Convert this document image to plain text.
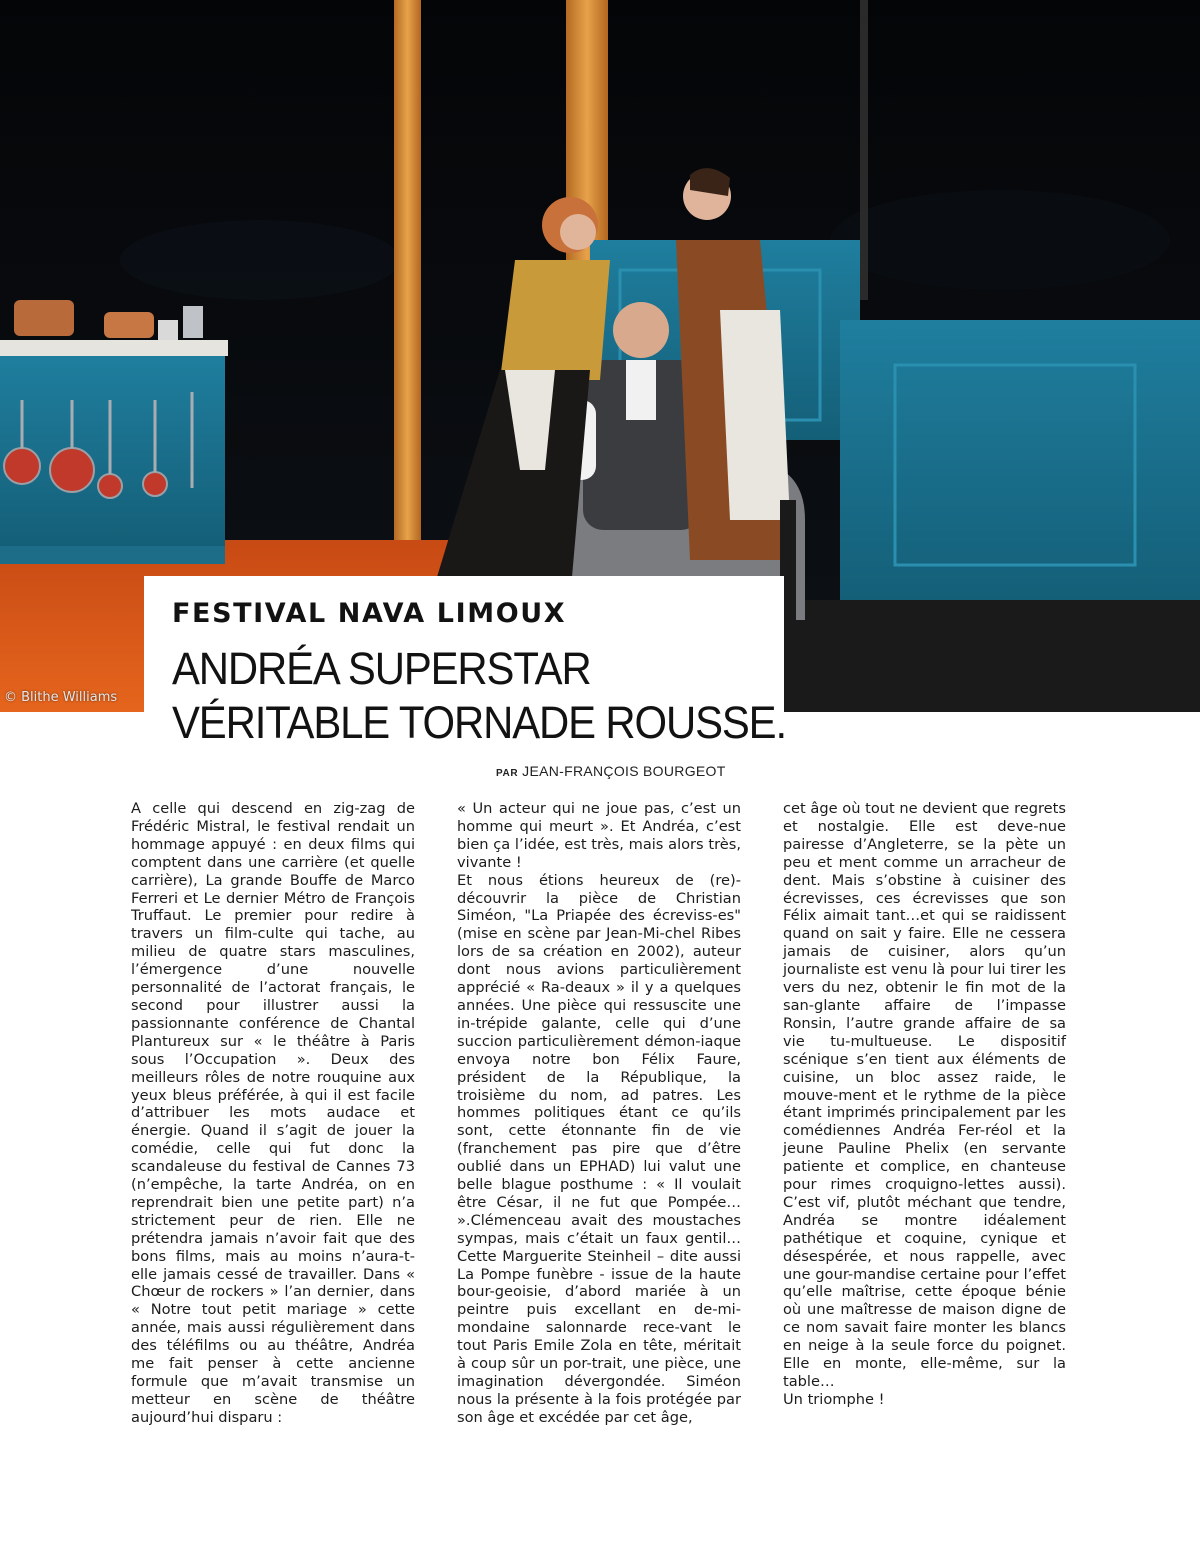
© Blithe Williams
FESTIVAL NAVA LIMOUX
ANDRÉA SUPERSTAR
VÉRITABLE TORNADE ROUSSE.
PAR JEAN-FRANÇOIS BOURGEOT

A celle qui descend en zig-zag de Frédéric Mistral, le festival rendait un hommage appuyé : en deux films qui comptent dans une carrière (et quelle carrière), La grande Bouffe de Marco Ferreri et Le dernier Métro de François Truffaut. Le premier pour redire à travers un film-culte qui tache, au milieu de quatre stars masculines, l’émergence d’une nouvelle personnalité de l’actorat français, le second pour illustrer aussi la passionnante conférence de Chantal Plantureux sur « le théâtre à Paris sous l’Occupation ». Deux des meilleurs rôles de notre rouquine aux yeux bleus préférée, à qui il est facile d’attribuer les mots audace et énergie. Quand il s’agit de jouer la comédie, celle qui fut donc la scandaleuse du festival de Cannes 73 (n’empêche, la tarte Andréa, on en reprendrait bien une petite part) n’a strictement peur de rien. Elle ne prétendra jamais n’avoir fait que des bons films, mais au moins n’aura-t-elle jamais cessé de travailler. Dans « Chœur de rockers » l’an dernier, dans « Notre tout petit mariage » cette année, mais aussi régulièrement dans des téléfilms ou au théâtre, Andréa me fait penser à cette ancienne formule que m’avait transmise un metteur en scène de théâtre aujourd’hui disparu :

« Un acteur qui ne joue pas, c’est un homme qui meurt ». Et Andréa, c’est bien ça l’idée, est très, mais alors très, vivante !

Et nous étions heureux de (re)-découvrir la pièce de Christian Siméon, "La Priapée des écreviss-es" (mise en scène par Jean-Mi-chel Ribes lors de sa création en 2002), auteur dont nous avions particulièrement apprécié « Ra-deaux » il y a quelques années. Une pièce qui ressuscite une in-trépide galante, celle qui d’une succion particulièrement démon-iaque envoya notre bon Félix Faure, président de la République, la troisième du nom, ad patres. Les hommes politiques étant ce qu’ils sont, cette étonnante fin de vie (franchement pas pire que d’être oublié dans un EPHAD) lui valut une belle blague posthume : « Il voulait être César, il ne fut que Pompée… ».Clémenceau avait des moustaches sympas, mais c’était un faux gentil…Cette Marguerite Steinheil – dite aussi La Pompe funèbre - issue de la haute bour-geoisie, d’abord mariée à un peintre puis excellant en de-mi-mondaine salonnarde rece-vant le tout Paris Emile Zola en tête, méritait à coup sûr un por-trait, une pièce, une imagination dévergondée. Siméon nous la présente à la fois protégée par son âge et excédée par cet âge,

cet âge où tout ne devient que regrets et nostalgie. Elle est deve-nue pairesse d’Angleterre, se la pète un peu et ment comme un arracheur de dent. Mais s’obstine à cuisiner des écrevisses, ces écrevisses que son Félix aimait tant…et qui se raidissent quand on sait y faire. Elle ne cessera jamais de cuisiner, alors qu’un journaliste est venu là pour lui tirer les vers du nez, obtenir le fin mot de la san-glante affaire de l’impasse Ronsin, l’autre grande affaire de sa vie tu-multueuse. Le dispositif scénique s’en tient aux éléments de cuisine, un bloc assez raide, le mouve-ment et le rythme de la pièce étant imprimés principalement par les comédiennes Andréa Fer-réol et la jeune Pauline Phelix (en servante patiente et complice, en chanteuse pour rimes croquigno-lettes aussi). C’est vif, plutôt méchant que tendre, Andréa se montre idéalement pathétique et coquine, cynique et désespérée, et nous rappelle, avec une gour-mandise certaine pour l’effet qu’elle maîtrise, cette époque bénie où une maîtresse de maison digne de ce nom savait faire monter les blancs en neige à la seule force du poignet. Elle en monte, elle-même, sur la table…

Un triomphe !
